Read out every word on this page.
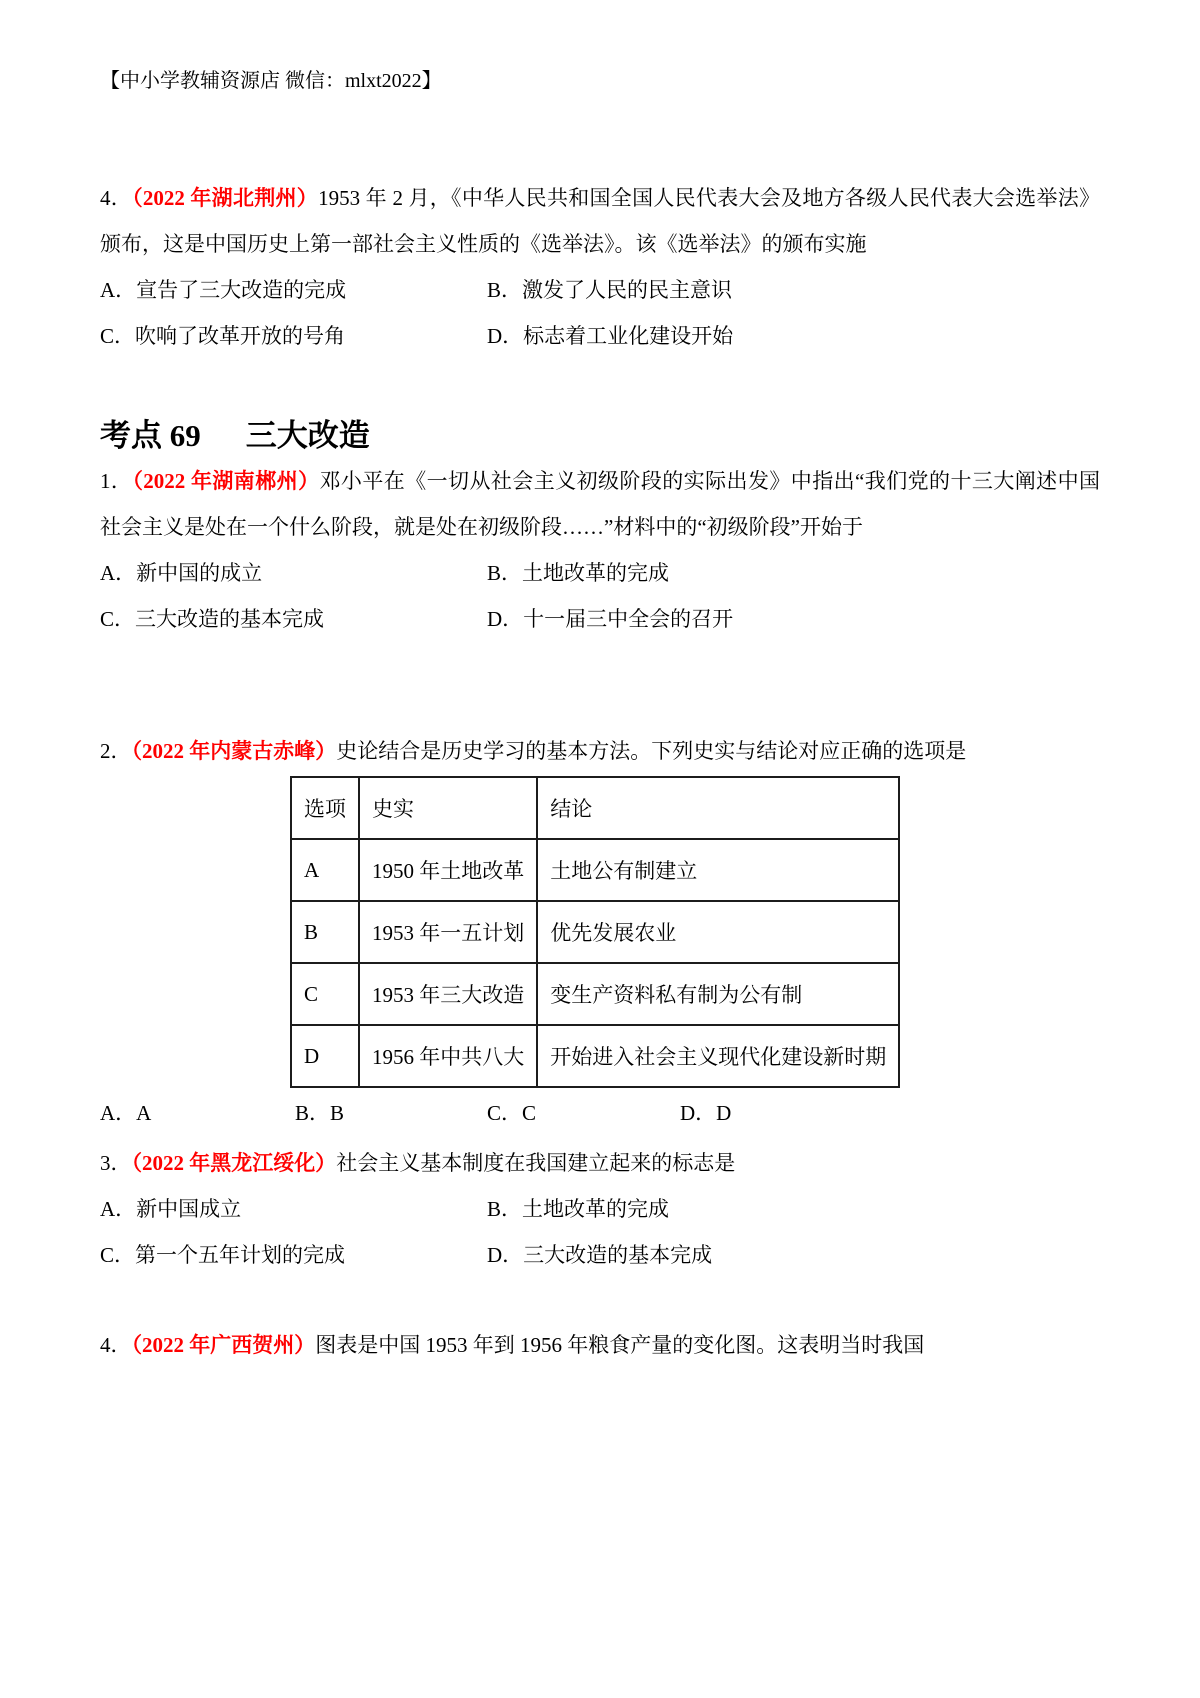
【中小学教辅资源店 微信：mlxt2022】
4．（2022 年湖北荆州）1953 年 2 月，《中华人民共和国全国人民代表大会及地方各级人民代表大会选举法》
颁布，这是中国历史上第一部社会主义性质的《选举法》。该《选举法》的颁布实施
A．宣告了三大改造的完成	B．激发了人民的民主意识
C．吹响了改革开放的号角	D．标志着工业化建设开始
考点 69 三大改造
1．（2022 年湖南郴州）邓小平在《一切从社会主义初级阶段的实际出发》中指出“我们党的十三大阐述中国
社会主义是处在一个什么阶段，就是处在初级阶段……”材料中的“初级阶段”开始于
A．新中国的成立	B．土地改革的完成
C．三大改造的基本完成	D．十一届三中全会的召开
2．（2022 年内蒙古赤峰）史论结合是历史学习的基本方法。下列史实与结论对应正确的选项是
选项	史实	结论
A	1950 年土地改革	土地公有制建立
B	1953 年一五计划	优先发展农业
C	1953 年三大改造	变生产资料私有制为公有制
D	1956 年中共八大	开始进入社会主义现代化建设新时期
A．A	B．B	C．C	D．D
3．（2022 年黑龙江绥化）社会主义基本制度在我国建立起来的标志是
A．新中国成立	B．土地改革的完成
C．第一个五年计划的完成	D．三大改造的基本完成
4．（2022 年广西贺州）图表是中国 1953 年到 1956 年粮食产量的变化图。这表明当时我国
